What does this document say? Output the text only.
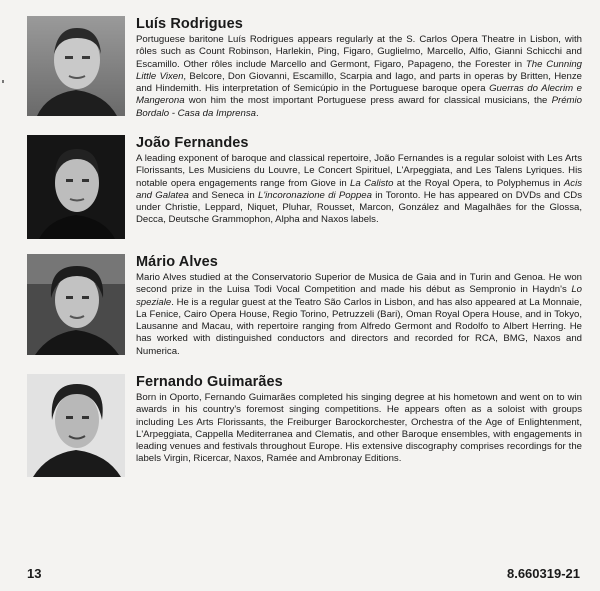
Luís Rodrigues

Portuguese baritone Luís Rodrigues appears regularly at the S. Carlos Opera Theatre in Lisbon, with rôles such as Count Robinson, Harlekin, Ping, Figaro, Guglielmo, Marcello, Alfio, Gianni Schicchi and Escamillo. Other rôles include Marcello and Germont, Figaro, Papageno, the Forester in The Cunning Little Vixen, Belcore, Don Giovanni, Escamillo, Scarpia and Iago, and parts in operas by Britten, Henze and Hindemith. His interpretation of Semicúpio in the Portuguese baroque opera Guerras do Alecrim e Mangerona won him the most important Portuguese press award for classical musicians, the Prémio Bordalo - Casa da Imprensa.

João Fernandes

A leading exponent of baroque and classical repertoire, João Fernandes is a regular soloist with Les Arts Florissants, Les Musiciens du Louvre, Le Concert Spirituel, L'Arpeggiata, and Les Talens Lyriques. His notable opera engagements range from Giove in La Calisto at the Royal Opera, to Polyphemus in Acis and Galatea and Seneca in L'incoronazione di Poppea in Toronto. He has appeared on DVDs and CDs under Christie, Leppard, Niquet, Pluhar, Rousset, Marcon, González and Magalhães for the Glossa, Decca, Deutsche Grammophon, Alpha and Naxos labels.

Mário Alves

Mario Alves studied at the Conservatorio Superior de Musica de Gaia and in Turin and Genoa. He won second prize in the Luisa Todi Vocal Competition and made his début as Sempronio in Haydn's Lo speziale. He is a regular guest at the Teatro São Carlos in Lisbon, and has also appeared at La Monnaie, La Fenice, Cairo Opera House, Regio Torino, Petruzzeli (Bari), Oman Royal Opera House, and in Tokyo, Lausanne and Macau, with repertoire ranging from Alfredo Germont and Rodolfo to Albert Herring. He has worked with distinguished conductors and directors and recorded for RCA, BMG, Naxos and Numerica.

Fernando Guimarães

Born in Oporto, Fernando Guimarães completed his singing degree at his hometown and went on to win awards in his country's foremost singing competitions. He appears often as a soloist with groups including Les Arts Florissants, the Freiburger Barockorchester, Orchestra of the Age of Enlightenment, L'Arpeggiata, Cappella Mediterranea and Clematis, and other Baroque ensembles, with engagements in leading venues and festivals throughout Europe. His extensive discography comprises recordings for the labels Virgin, Ricercar, Naxos, Ramée and Ambronay Editions.

13	8.660319-21
